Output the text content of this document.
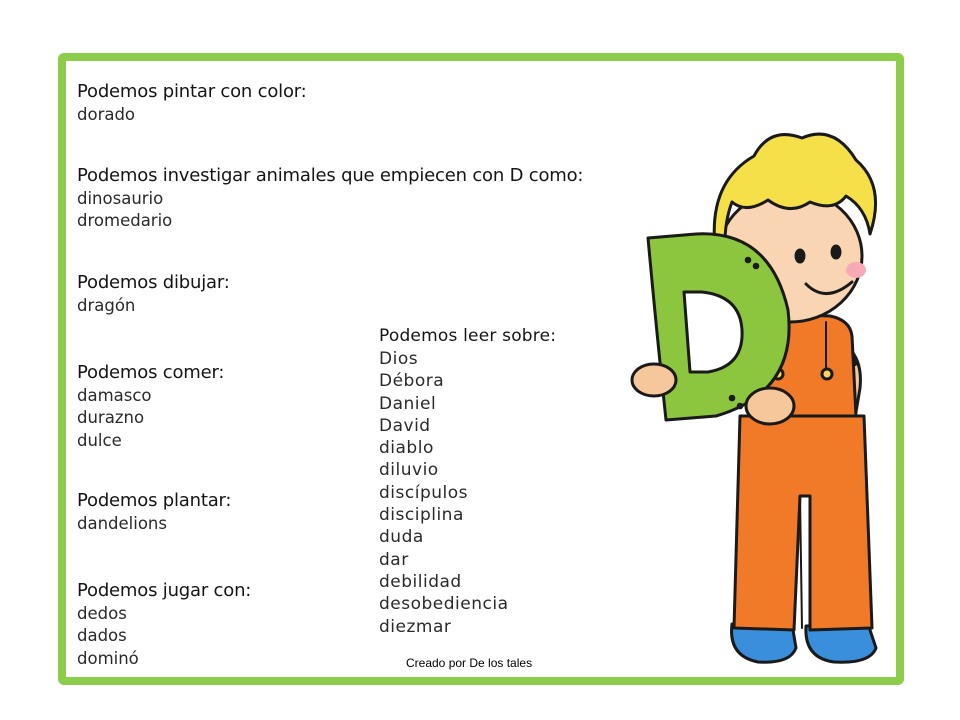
Podemos pintar con color:
dorado
Podemos investigar animales que empiecen con D como:
dinosaurio
dromedario
Podemos dibujar:
dragón
Podemos comer:
damasco
durazno
dulce
Podemos plantar:
dandelions
Podemos jugar con:
dedos
dados
dominó
Podemos leer sobre:
Dios
Débora
Daniel
David
diablo
diluvio
discípulos
disciplina
duda
dar
debilidad
desobediencia
diezmar
Creado por De los tales
